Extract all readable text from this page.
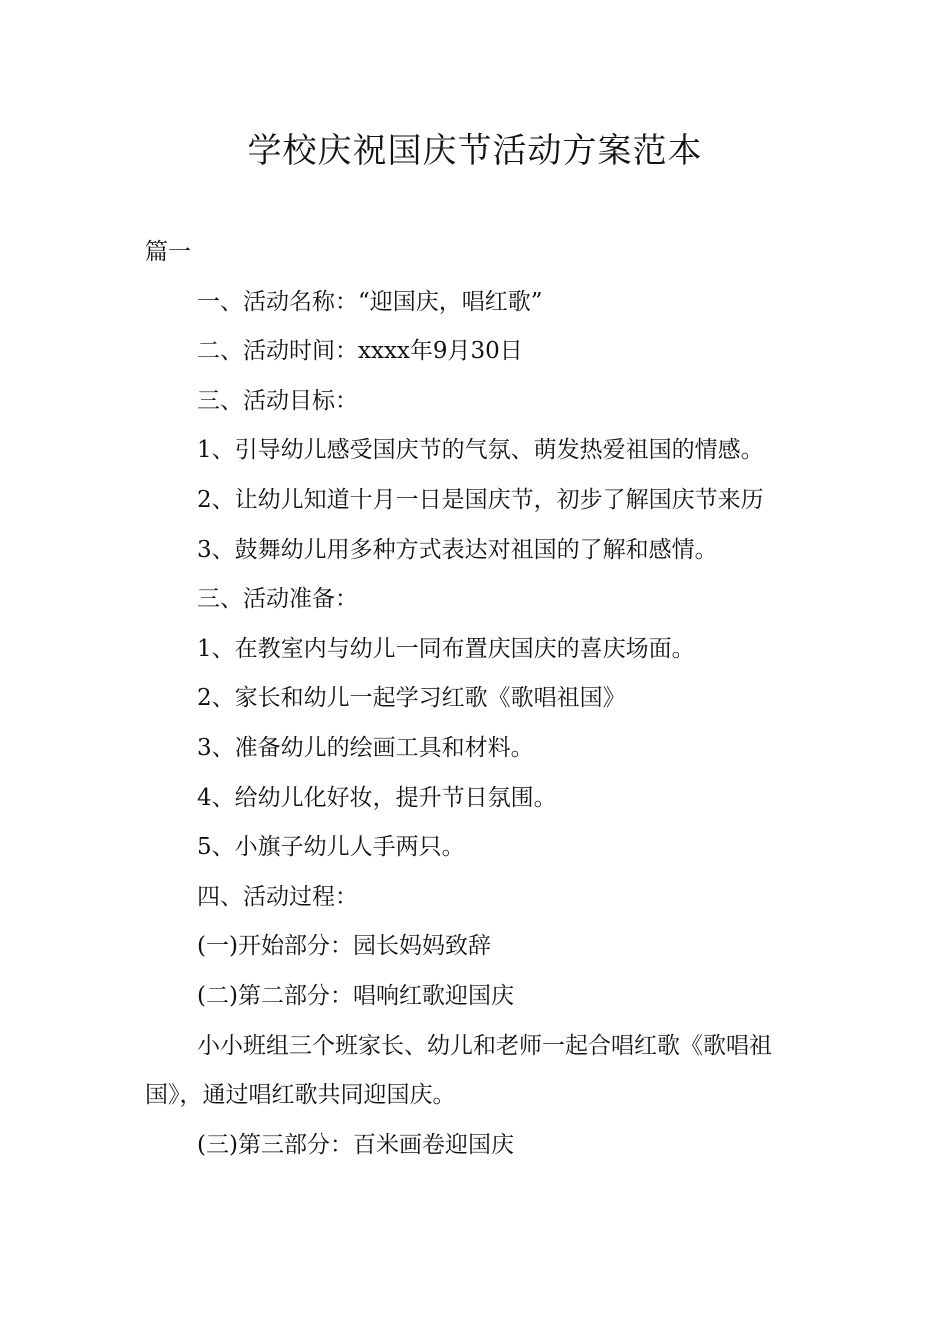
学校庆祝国庆节活动方案范本

篇一

一、活动名称：“迎国庆，唱红歌”

二、活动时间：xxxx年9月30日

三、活动目标：

1、引导幼儿感受国庆节的气氛、萌发热爱祖国的情感。

2、让幼儿知道十月一日是国庆节，初步了解国庆节来历

3、鼓舞幼儿用多种方式表达对祖国的了解和感情。

三、活动准备：

1、在教室内与幼儿一同布置庆国庆的喜庆场面。

2、家长和幼儿一起学习红歌《歌唱祖国》

3、准备幼儿的绘画工具和材料。

4、给幼儿化好妆，提升节日氛围。

5、小旗子幼儿人手两只。

四、活动过程：

(一)开始部分：园长妈妈致辞

(二)第二部分：唱响红歌迎国庆

小小班组三个班家长、幼儿和老师一起合唱红歌《歌唱祖国》，通过唱红歌共同迎国庆。

(三)第三部分：百米画卷迎国庆
